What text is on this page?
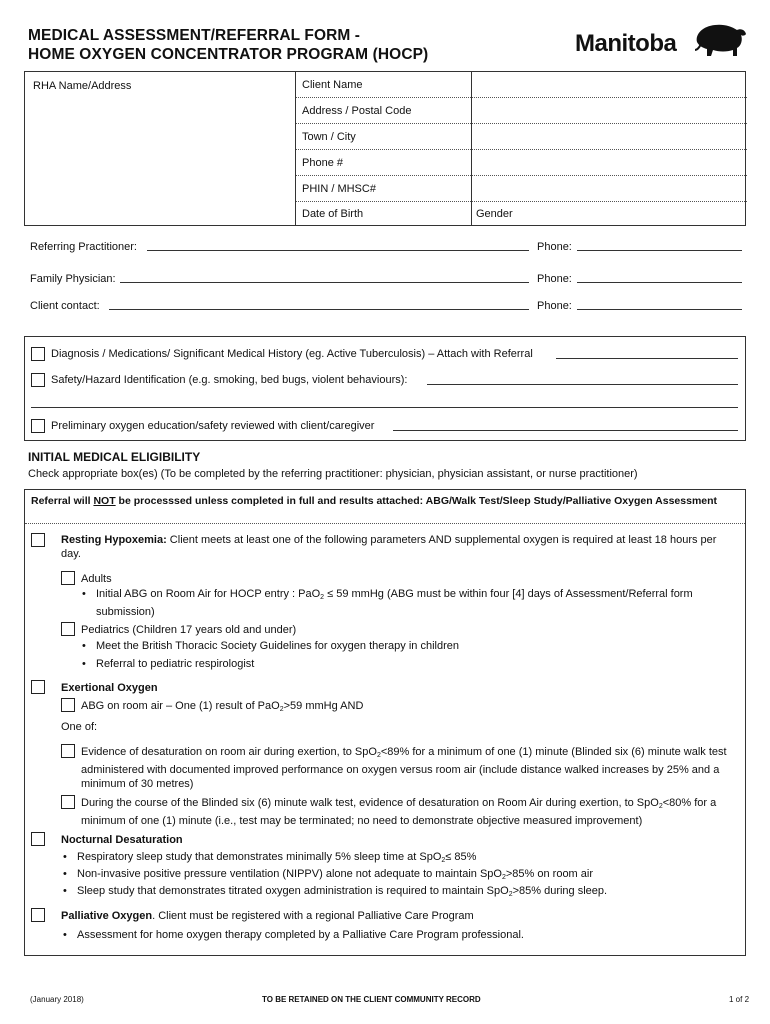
MEDICAL ASSESSMENT/REFERRAL FORM -
HOME OXYGEN CONCENTRATOR PROGRAM (HOCP)	Manitoba
RHA Name/Address	Client Name
Address / Postal Code
Town / City
Phone #
PHIN / MHSC#
Date of Birth	Gender
Referring Practitioner:	Phone:
Family Physician:	Phone:
Client contact:	Phone:
Diagnosis / Medications/ Significant Medical History (eg. Active Tuberculosis) – Attach with Referral
Safety/Hazard Identification (e.g. smoking, bed bugs, violent behaviours):
Preliminary oxygen education/safety reviewed with client/caregiver
INITIAL MEDICAL ELIGIBILITY
Check appropriate box(es) (To be completed by the referring practitioner: physician, physician assistant, or nurse practitioner)
Referral will NOT be processsed unless completed in full and results attached: ABG/Walk Test/Sleep Study/Palliative Oxygen Assessment
Resting Hypoxemia: Client meets at least one of the following parameters AND supplemental oxygen is required at least 18 hours per day.
Adults
• Initial ABG on Room Air for HOCP entry : PaO$_2$ ≤ 59 mmHg (ABG must be within four [4] days of Assessment/Referral form submission)
Pediatrics (Children 17 years old and under)
• Meet the British Thoracic Society Guidelines for oxygen therapy in children
• Referral to pediatric respirologist
Exertional Oxygen
ABG on room air – One (1) result of PaO$_2$>59 mmHg AND
One of:
Evidence of desaturation on room air during exertion, to SpO$_2$<89% for a minimum of one (1) minute (Blinded six (6) minute walk test administered with documented improved performance on oxygen versus room air (include distance walked increases by 25% and a minimum of 30 metres)
During the course of the Blinded six (6) minute walk test, evidence of desaturation on Room Air during exertion, to SpO$_2$<80% for a minimum of one (1) minute (i.e., test may be terminated; no need to demonstrate objective measured improvement)
Nocturnal Desaturation
• Respiratory sleep study that demonstrates minimally 5% sleep time at SpO$_2$≤ 85%
• Non-invasive positive pressure ventilation (NIPPV) alone not adequate to maintain SpO$_2$>85% on room air
• Sleep study that demonstrates titrated oxygen administration is required to maintain SpO$_2$>85% during sleep.
Palliative Oxygen. Client must be registered with a regional Palliative Care Program
• Assessment for home oxygen therapy completed by a Palliative Care Program professional.
(January 2018)	TO BE RETAINED ON THE CLIENT COMMUNITY RECORD	1 of 2
